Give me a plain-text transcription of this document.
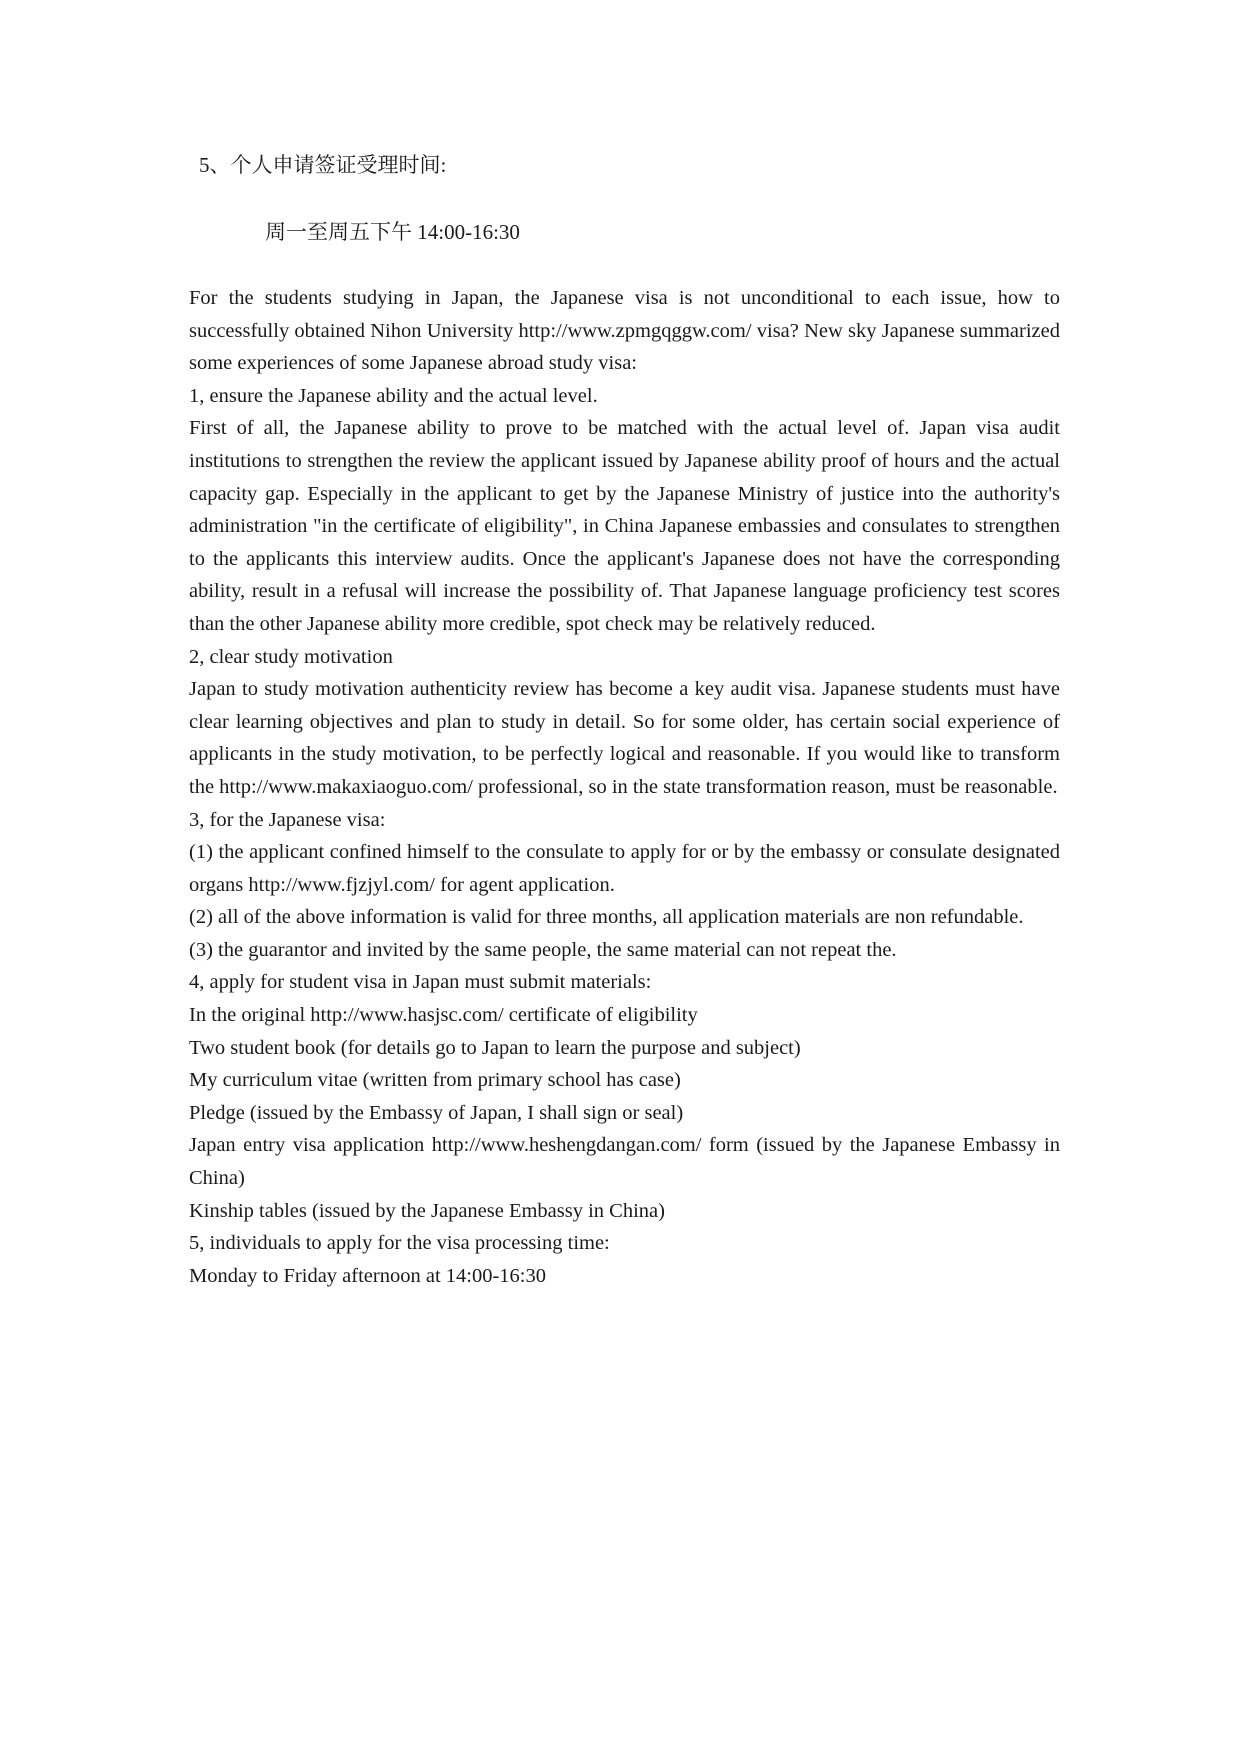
5、个人申请签证受理时间:
周一至周五下午 14:00-16:30

For the students studying in Japan, the Japanese visa is not unconditional to each issue, how to successfully obtained Nihon University http://www.zpmgqggw.com/ visa? New sky Japanese summarized some experiences of some Japanese abroad study visa:

1, ensure the Japanese ability and the actual level.

First of all, the Japanese ability to prove to be matched with the actual level of. Japan visa audit institutions to strengthen the review the applicant issued by Japanese ability proof of hours and the actual capacity gap. Especially in the applicant to get by the Japanese Ministry of justice into the authority's administration "in the certificate of eligibility", in China Japanese embassies and consulates to strengthen to the applicants this interview audits. Once the applicant's Japanese does not have the corresponding ability, result in a refusal will increase the possibility of. That Japanese language proficiency test scores than the other Japanese ability more credible, spot check may be relatively reduced.

2, clear study motivation

Japan to study motivation authenticity review has become a key audit visa. Japanese students must have clear learning objectives and plan to study in detail. So for some older, has certain social experience of applicants in the study motivation, to be perfectly logical and reasonable. If you would like to transform the http://www.makaxiaoguo.com/ professional, so in the state transformation reason, must be reasonable.

3, for the Japanese visa:

(1) the applicant confined himself to the consulate to apply for or by the embassy or consulate designated organs http://www.fjzjyl.com/ for agent application.

(2) all of the above information is valid for three months, all application materials are non refundable.

(3) the guarantor and invited by the same people, the same material can not repeat the.

4, apply for student visa in Japan must submit materials:

In the original http://www.hasjsc.com/ certificate of eligibility

Two student book (for details go to Japan to learn the purpose and subject)

My curriculum vitae (written from primary school has case)

Pledge (issued by the Embassy of Japan, I shall sign or seal)

Japan entry visa application http://www.heshengdangan.com/ form (issued by the Japanese Embassy in China)

Kinship tables (issued by the Japanese Embassy in China)

5, individuals to apply for the visa processing time:

Monday to Friday afternoon at 14:00-16:30
